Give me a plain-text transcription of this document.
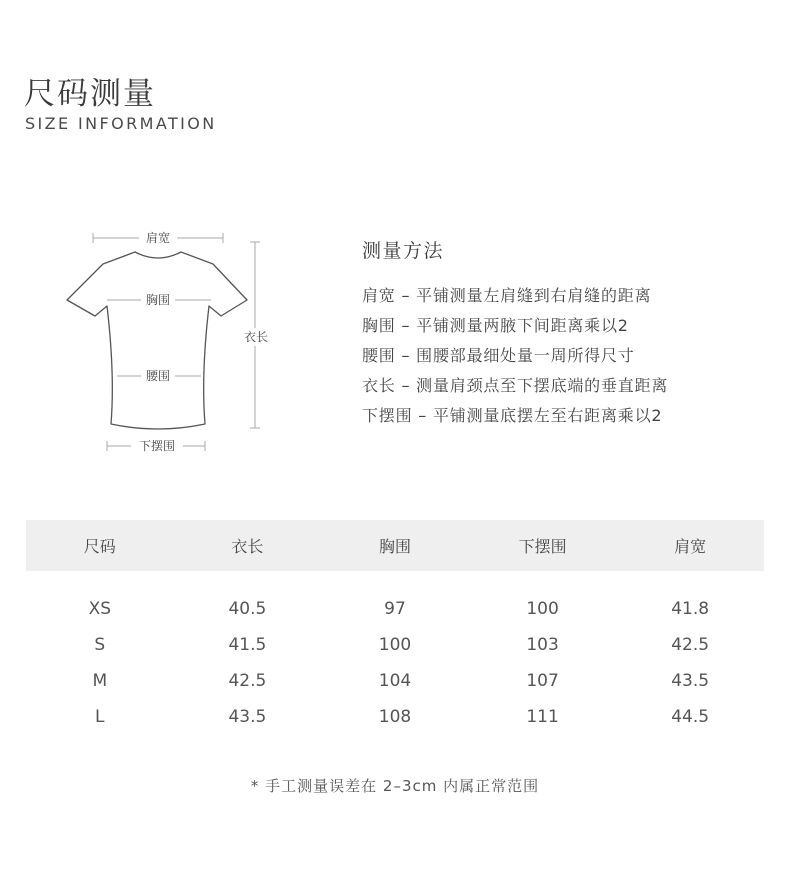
尺码测量
SIZE INFORMATION
肩宽
胸围
腰围
衣长
下摆围
测量方法
肩宽 – 平铺测量左肩缝到右肩缝的距离
胸围 – 平铺测量两腋下间距离乘以2
腰围 – 围腰部最细处量一周所得尺寸
衣长 – 测量肩颈点至下摆底端的垂直距离
下摆围 – 平铺测量底摆左至右距离乘以2
尺码	衣长	胸围	下摆围	肩宽
XS	40.5	97	100	41.8
S	41.5	100	103	42.5
M	42.5	104	107	43.5
L	43.5	108	111	44.5
* 手工测量误差在 2–3cm 内属正常范围
